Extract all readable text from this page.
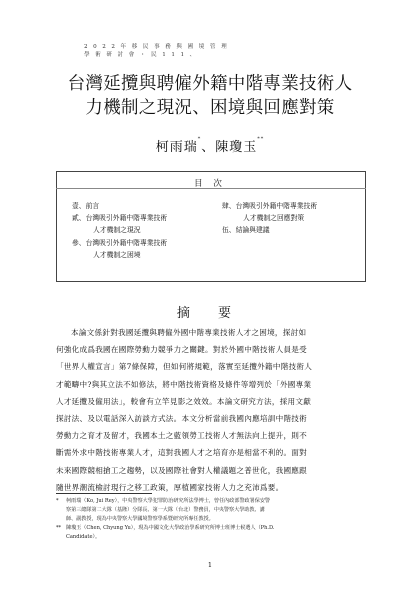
2 0 2 2 年 移 民 事 務 與 國 境 管 理
學 術 研 討 會 ・ 民 1 1 1 、
台灣延攬與聘僱外籍中階專業技術人
力機制之現況、困境與回應對策
柯雨瑞*、陳瓊玉**
目 次
壹、前言
貳、台灣吸引外籍中階專業技術
人才機制之現況
參、台灣吸引外籍中階專業技術
人才機制之困境
肆、台灣吸引外籍中階專業技術
人才機制之回應對策
伍、結論與建議
摘 要
本論文係針對我國延攬與聘僱外國中階專業技術人才之困境，探討如
何強化成爲我國在國際勞動力競爭力之關鍵。對於外國中階技術人員是受
「世界人權宣言」第7條保障，但如何將規範，落實至延攬外籍中階技術人
才範疇中?與其立法不如修法，將中階技術資格及條件等增列於「外國專業
人才延攬及僱用法」，較會有立竿見影之效效。本論文研究方法，採用文獻
探討法、及以電話深入訪談方式法。本文分析當前我國內應培訓中階技術
勞動力之育才及留才，我國本土之藍領勞工技術人才無法向上提升，則不
斷需外求中階技術專業人才，這對我國人才之培育亦是相當不利的。面對
未來國際競相搶工之趨勢，以及國際社會對人權議題之普世化，我國應跟
隨世界潮流檢討現行之移工政策，厚植國家技術人力之充沛爲要。
* 柯雨瑞（Ko, Jui Rey），中央警察大學犯罪防治研究所法學博士，曾任內政部警政署保安警
察第三總隊第二大隊（基隆）分隊長、第一大隊（台北）警務員，中央警察大學助教、講
師、副教授，現為中央警察大學國境警察學系暨研究所專任教授。
** 陳瓊玉（Chen, Chyung Yu），現為中國文化大學政治學系研究所博士班博士候選人（Ph.D.
Candidate）。
1
